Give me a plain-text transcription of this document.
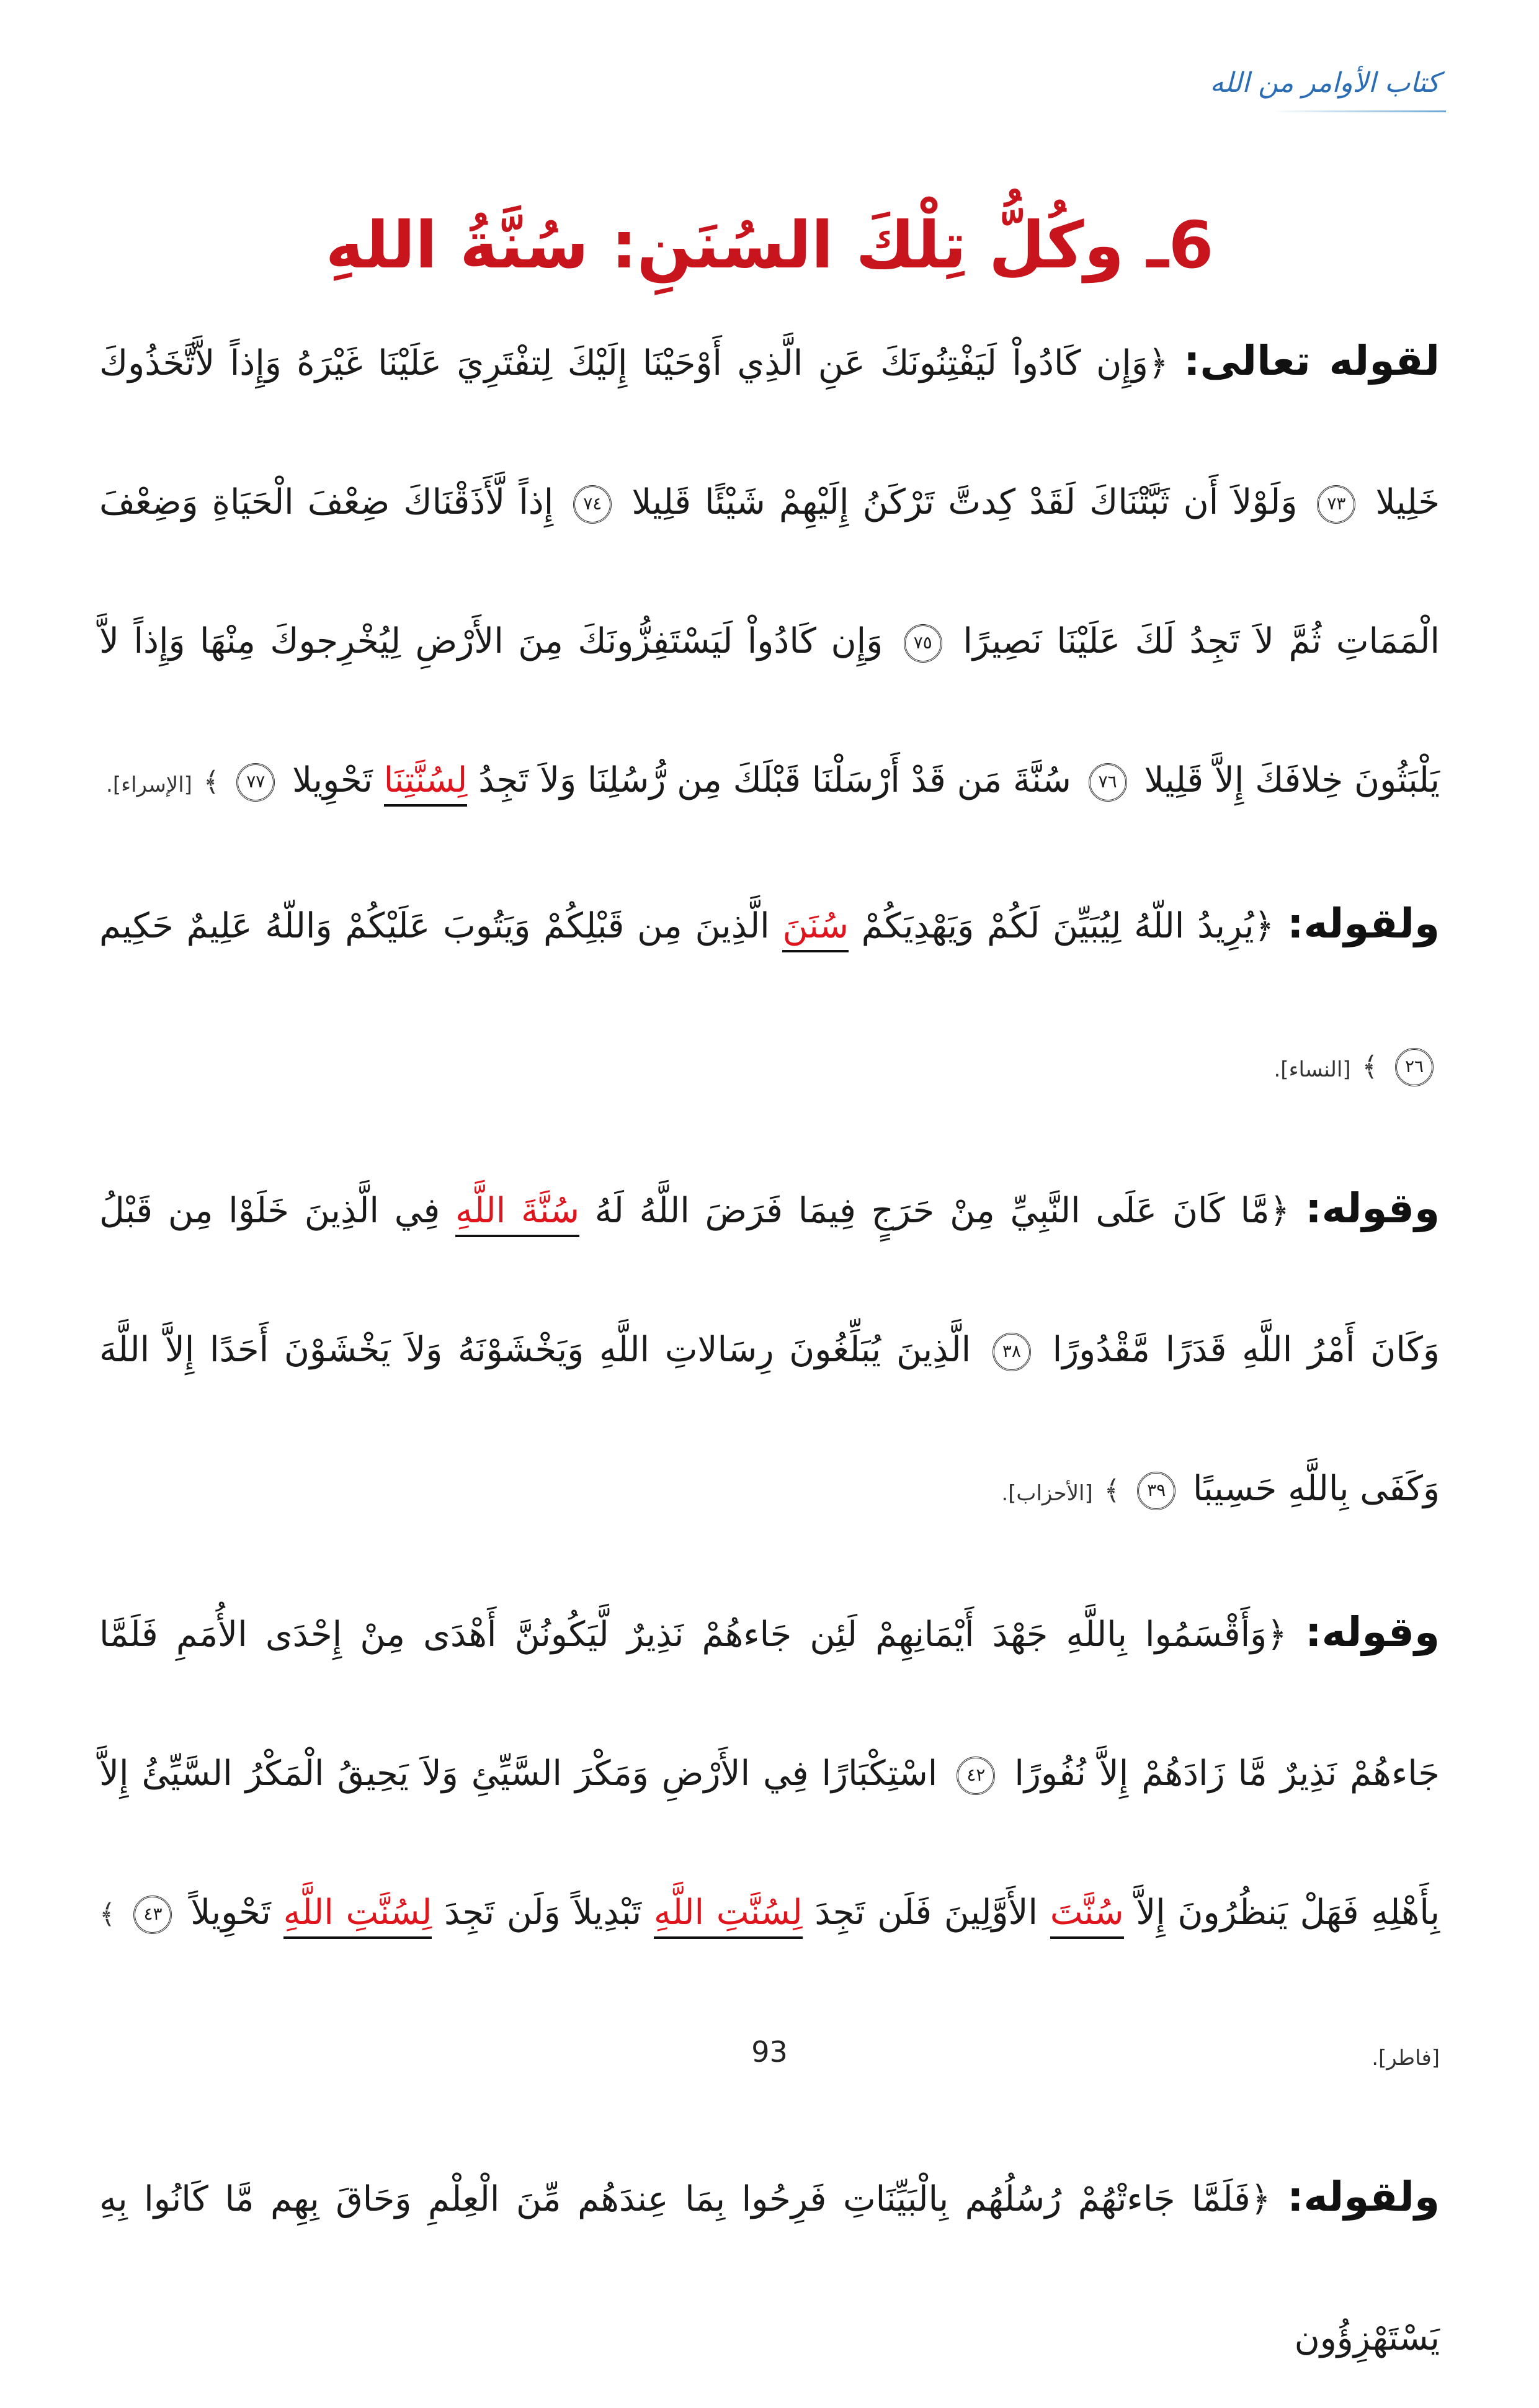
كتاب الأوامر من الله
6ـ وكُلُّ تِلْكَ السُنَنِ: سُنَّةُ اللهِ

لقوله تعالى: ﴿وَإِن كَادُواْ لَيَفْتِنُونَكَ عَنِ الَّذِي أَوْحَيْنَا إِلَيْكَ لِتفْتَرِيَ عَلَيْنَا غَيْرَهُ وَإِذاً لاَّتَّخَذُوكَ خَلِيلا ٧٣ وَلَوْلاَ أَن ثَبَّتْنَاكَ لَقَدْ كِدتَّ تَرْكَنُ إِلَيْهِمْ شَيْئًا قَلِيلا ٧٤ إِذاً لَّأَذَقْنَاكَ ضِعْفَ الْحَيَاةِ وَضِعْفَ الْمَمَاتِ ثُمَّ لاَ تَجِدُ لَكَ عَلَيْنَا نَصِيرًا ٧٥ وَإِن كَادُواْ لَيَسْتَفِزُّونَكَ مِنَ الأَرْضِ لِيُخْرِجوكَ مِنْهَا وَإِذاً لاَّ يَلْبَثُونَ خِلافَكَ إِلاَّ قَلِيلا ٧٦ سُنَّةَ مَن قَدْ أَرْسَلْنَا قَبْلَكَ مِن رُّسُلِنَا وَلاَ تَجِدُ لِسُنَّتِنَا تَحْوِيلا ٧٧ ﴾ [الإسراء].

ولقوله: ﴿يُرِيدُ اللّهُ لِيُبَيِّنَ لَكُمْ وَيَهْدِيَكُمْ سُنَنَ الَّذِينَ مِن قَبْلِكُمْ وَيَتُوبَ عَلَيْكُمْ وَاللّهُ عَلِيمٌ حَكِيم ٢٦ ﴾ [النساء].

وقوله: ﴿مَّا كَانَ عَلَى النَّبِيِّ مِنْ حَرَجٍ فِيمَا فَرَضَ اللَّهُ لَهُ سُنَّةَ اللَّهِ فِي الَّذِينَ خَلَوْا مِن قَبْلُ وَكَانَ أَمْرُ اللَّهِ قَدَرًا مَّقْدُورًا ٣٨ الَّذِينَ يُبَلِّغُونَ رِسَالاتِ اللَّهِ وَيَخْشَوْنَهُ وَلاَ يَخْشَوْنَ أَحَدًا إِلاَّ اللَّهَ وَكَفَى بِاللَّهِ حَسِيبًا ٣٩ ﴾ [الأحزاب].

وقوله: ﴿وَأَقْسَمُوا بِاللَّهِ جَهْدَ أَيْمَانِهِمْ لَئِن جَاءهُمْ نَذِيرٌ لَّيَكُونُنَّ أَهْدَى مِنْ إِحْدَى الأُمَمِ فَلَمَّا جَاءهُمْ نَذِيرٌ مَّا زَادَهُمْ إِلاَّ نُفُورًا ٤٢ اسْتِكْبَارًا فِي الأَرْضِ وَمَكْرَ السَّيِّئِ وَلاَ يَحِيقُ الْمَكْرُ السَّيِّئُ إِلاَّ بِأَهْلِهِ فَهَلْ يَنظُرُونَ إِلاَّ سُنَّتَ الأَوَّلِينَ فَلَن تَجِدَ لِسُنَّتِ اللَّهِ تَبْدِيلاً وَلَن تَجِدَ لِسُنَّتِ اللَّهِ تَحْوِيلاً ٤٣ ﴾ [فاطر].

ولقوله: ﴿فَلَمَّا جَاءتْهُمْ رُسُلُهُم بِالْبَيِّنَاتِ فَرِحُوا بِمَا عِندَهُم مِّنَ الْعِلْمِ وَحَاقَ بِهِم مَّا كَانُوا بِهِ يَسْتَهْزِؤُون

93
